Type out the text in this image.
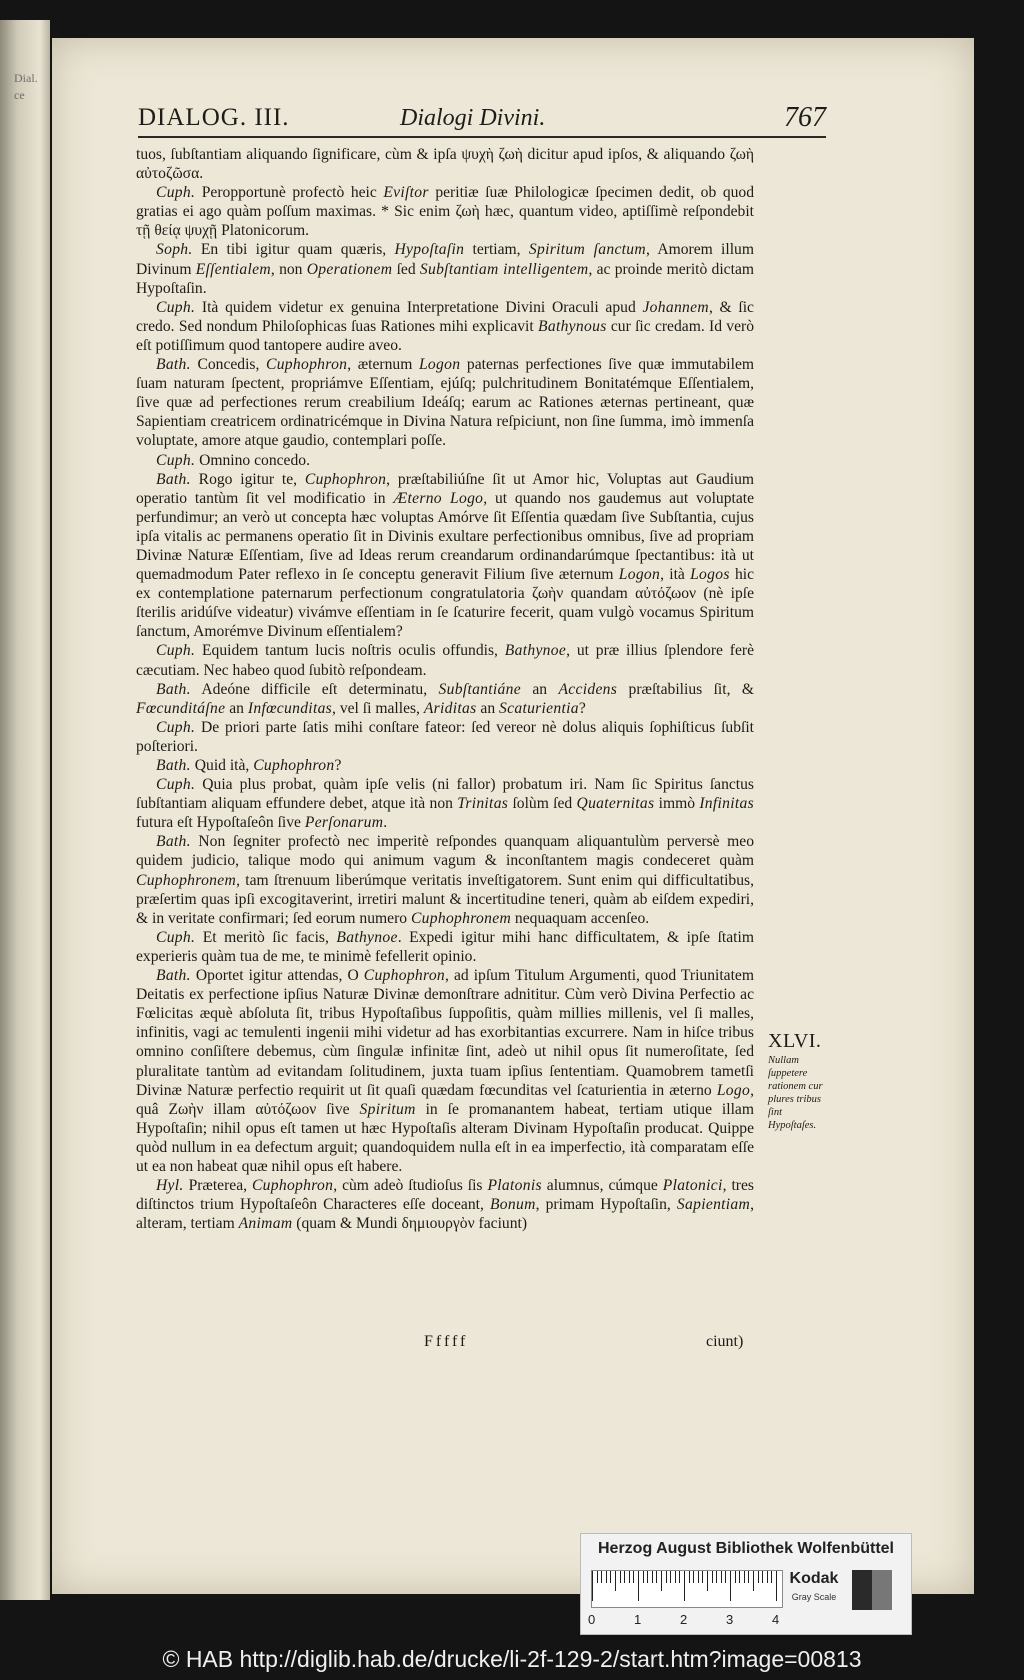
Dial. ce
DIALOG. III.	Dialogi Divini.	767

tuos, ſubſtantiam aliquando ſignificare, cùm & ipſa ψυχὴ ζωὴ dicitur apud ipſos, & aliquando ζωὴ αὐτοζῶσα.

Cuph. Peropportunè profectò heic Eviſtor peritiæ ſuæ Philologicæ ſpecimen dedit, ob quod gratias ei ago quàm poſſum maximas. * Sic enim ζωὴ hæc, quantum video, aptiſſimè reſpondebit τῇ θείᾳ ψυχῇ Platonicorum.

Soph. En tibi igitur quam quæris, Hypoſtaſin tertiam, Spiritum ſanctum, Amorem illum Divinum Eſſentialem, non Operationem ſed Subſtantiam intelligentem, ac proinde meritò dictam Hypoſtaſin.

Cuph. Ità quidem videtur ex genuina Interpretatione Divini Oraculi apud Johannem, & ſic credo. Sed nondum Philoſophicas ſuas Rationes mihi explicavit Bathynous cur ſic credam. Id verò eſt potiſſimum quod tantopere audire aveo.

Bath. Concedis, Cuphophron, æternum Logon paternas perfectiones ſive quæ immutabilem ſuam naturam ſpectent, propriámve Eſſentiam, ejúſq; pulchritudinem Bonitatémque Eſſentialem, ſive quæ ad perfectiones rerum creabilium Ideáſq; earum ac Rationes æternas pertineant, quæ Sapientiam creatricem ordinatricémque in Divina Natura reſpiciunt, non ſine ſumma, imò immenſa voluptate, amore atque gaudio, contemplari poſſe.

Cuph. Omnino concedo.

Bath. Rogo igitur te, Cuphophron, præſtabiliúſne ſit ut Amor hic, Voluptas aut Gaudium operatio tantùm ſit vel modificatio in Æterno Logo, ut quando nos gaudemus aut voluptate perfundimur; an verò ut concepta hæc voluptas Amórve ſit Eſſentia quædam ſive Subſtantia, cujus ipſa vitalis ac permanens operatio ſit in Divinis exultare perfectionibus omnibus, ſive ad propriam Divinæ Naturæ Eſſentiam, ſive ad Ideas rerum creandarum ordinandarúmque ſpectantibus: ità ut quemadmodum Pater reflexo in ſe conceptu generavit Filium ſive æternum Logon, ità Logos hic ex contemplatione paternarum perfectionum congratulatoria ζωὴν quandam αὐτόζωον (nè ipſe ſterilis aridúſve videatur) vivámve eſſentiam in ſe ſcaturire fecerit, quam vulgò vocamus Spiritum ſanctum, Amorémve Divinum eſſentialem?

Cuph. Equidem tantum lucis noſtris oculis offundis, Bathynoe, ut præ illius ſplendore ferè cæcutiam. Nec habeo quod ſubitò reſpondeam.

Bath. Adeóne difficile eſt determinatu, Subſtantiáne an Accidens præſtabilius ſit, & Fœcunditáſne an Infœcunditas, vel ſi malles, Ariditas an Scaturientia?

Cuph. De priori parte ſatis mihi conſtare fateor: ſed vereor nè dolus aliquis ſophiſticus ſubſit poſteriori.

Bath. Quid ità, Cuphophron?

Cuph. Quia plus probat, quàm ipſe velis (ni fallor) probatum iri. Nam ſic Spiritus ſanctus ſubſtantiam aliquam effundere debet, atque ità non Trinitas ſolùm ſed Quaternitas immò Infinitas futura eſt Hypoſtaſeôn ſive Perſonarum.

Bath. Non ſegniter profectò nec imperitè reſpondes quanquam aliquantulùm perversè meo quidem judicio, talique modo qui animum vagum & inconſtantem magis condeceret quàm Cuphophronem, tam ſtrenuum liberúmque veritatis inveſtigatorem. Sunt enim qui difficultatibus, præſertim quas ipſi excogitaverint, irretiri malunt & incertitudine teneri, quàm ab eiſdem expediri, & in veritate confirmari; ſed eorum numero Cuphophronem nequaquam accenſeo.

Cuph. Et meritò ſic facis, Bathynoe. Expedi igitur mihi hanc difficultatem, & ipſe ſtatim experieris quàm tua de me, te minimè fefellerit opinio.

Bath. Oportet igitur attendas, O Cuphophron, ad ipſum Titulum Argumenti, quod Triunitatem Deitatis ex perfectione ipſius Naturæ Divinæ demonſtrare adnititur. Cùm verò Divina Perfectio ac Fœlicitas æquè abſoluta ſit, tribus Hypoſtaſibus ſuppoſitis, quàm millies millenis, vel ſi malles, infinitis, vagi ac temulenti ingenii mihi videtur ad has exorbitantias excurrere. Nam in hiſce tribus omnino conſiſtere debemus, cùm ſingulæ infinitæ ſint, adeò ut nihil opus ſit numeroſitate, ſed pluralitate tantùm ad evitandam ſolitudinem, juxta tuam ipſius ſententiam. Quamobrem tametſi Divinæ Naturæ perfectio requirit ut ſit quaſi quædam fœcunditas vel ſcaturientia in æterno Logo, quâ Ζωὴν illam αὐτόζωον ſive Spiritum in ſe promanantem habeat, tertiam utique illam Hypoſtaſin; nihil opus eſt tamen ut hæc Hypoſtaſis alteram Divinam Hypoſtaſin producat. Quippe quòd nullum in ea defectum arguit; quandoquidem nulla eſt in ea imperfectio, ità comparatam eſſe ut ea non habeat quæ nihil opus eſt habere.

Hyl. Præterea, Cuphophron, cùm adeò ſtudioſus ſis Platonis alumnus, cúmque Platonici, tres diſtinctos trium Hypoſtaſeôn Characteres eſſe doceant, Bonum, primam Hypoſtaſin, Sapientiam, alteram, tertiam Animam (quam & Mundi δημιουργὸν faciunt)

XLVI.
Nullam ſuppetere rationem cur plures tribus ſint Hypoſtaſes.
Fffff	ciunt)
Herzog August Bibliothek Wolfenbüttel
0	1	2	3	4
Kodak
Gray Scale
© HAB http://diglib.hab.de/drucke/li-2f-129-2/start.htm?image=00813
